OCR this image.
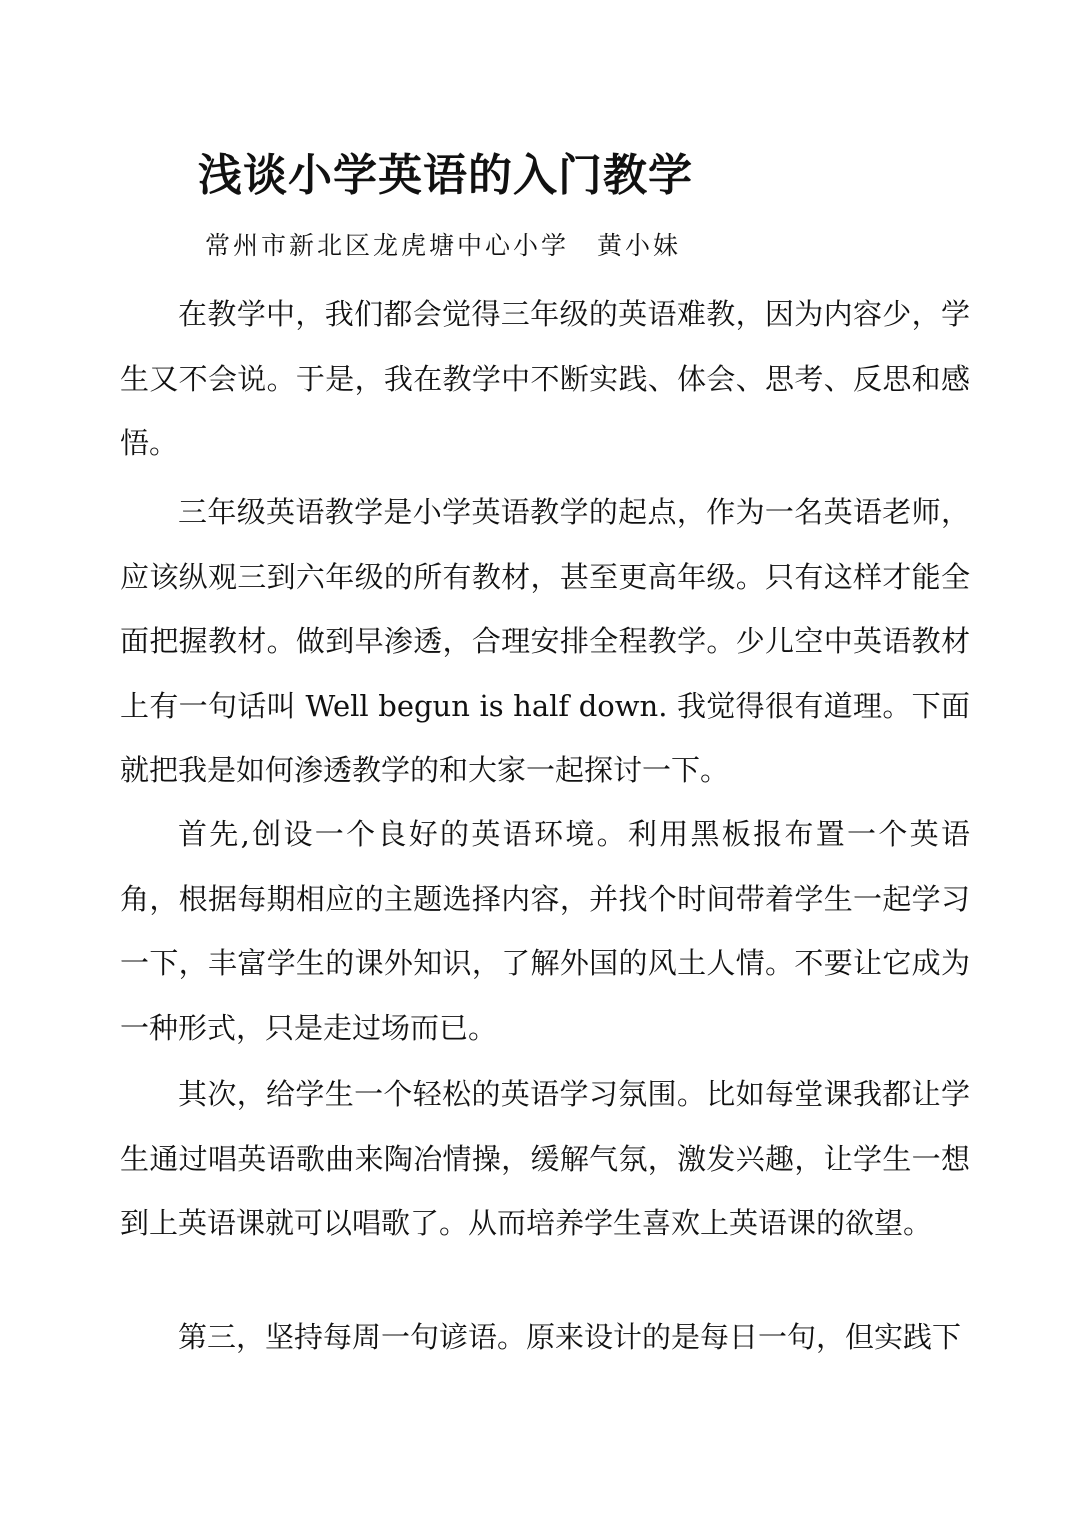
浅谈小学英语的入门教学
常州市新北区龙虎塘中心小学 黄小妹

在教学中，我们都会觉得三年级的英语难教，因为内容少，学生又不会说。于是，我在教学中不断实践、体会、思考、反思和感悟。

三年级英语教学是小学英语教学的起点，作为一名英语老师，应该纵观三到六年级的所有教材，甚至更高年级。只有这样才能全面把握教材。做到早渗透，合理安排全程教学。少儿空中英语教材上有一句话叫 Well begun is half down. 我觉得很有道理。下面就把我是如何渗透教学的和大家一起探讨一下。

首先,创设一个良好的英语环境。利用黑板报布置一个英语角，根据每期相应的主题选择内容，并找个时间带着学生一起学习一下，丰富学生的课外知识，了解外国的风土人情。不要让它成为一种形式，只是走过场而已。

其次，给学生一个轻松的英语学习氛围。比如每堂课我都让学生通过唱英语歌曲来陶冶情操，缓解气氛，激发兴趣，让学生一想到上英语课就可以唱歌了。从而培养学生喜欢上英语课的欲望。

第三，坚持每周一句谚语。原来设计的是每日一句，但实践下
